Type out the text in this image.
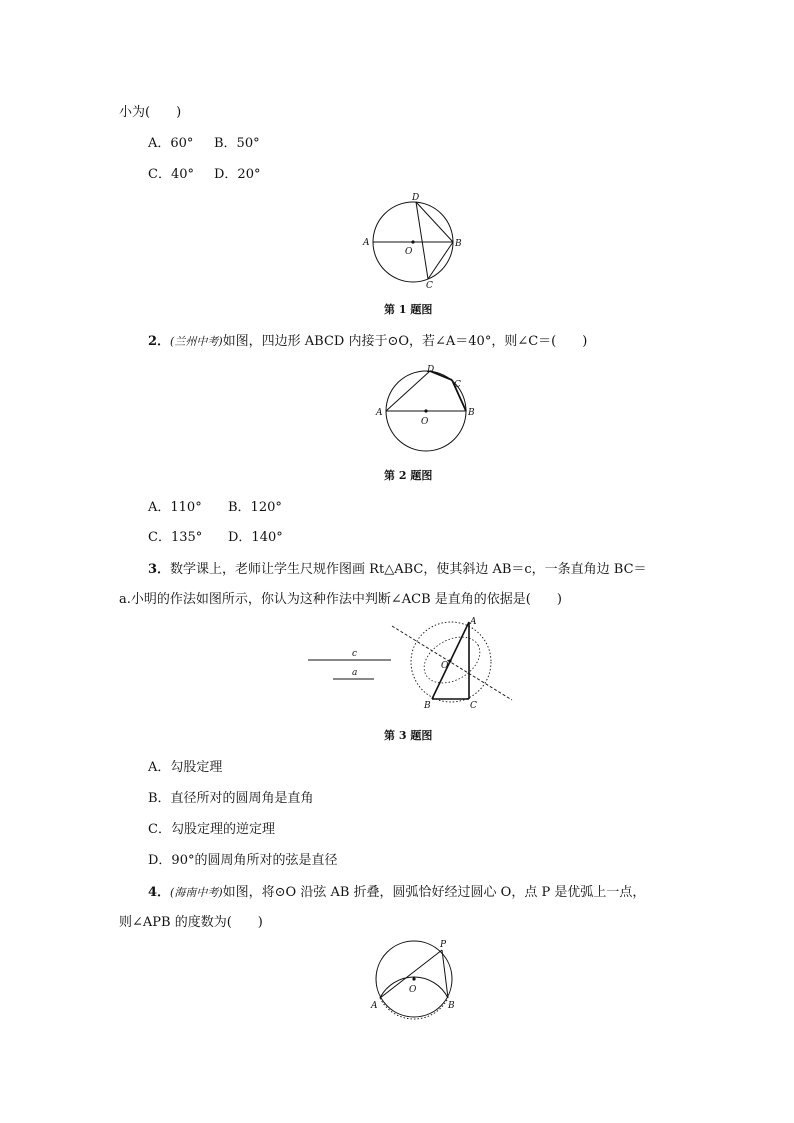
小为(　　)
A．60° B．50°
C．40° D．20°
A	B
C
D
O
第 1 题图
2．(兰州中考)如图，四边形 ABCD 内接于⊙O，若∠A＝40°，则∠C＝(　　)
A	B
C
D
O
第 2 题图
A．110° B．120°
C．135° D．140°
3．数学课上，老师让学生尺规作图画 Rt△ABC，使其斜边 AB＝c，一条直角边 BC＝
a.小明的作法如图所示，你认为这种作法中判断∠ACB 是直角的依据是(　　)
c
a
A
B	C
O
第 3 题图
A．勾股定理
B．直径所对的圆周角是直角
C．勾股定理的逆定理
D．90°的圆周角所对的弦是直径
4．(海南中考)如图，将⊙O 沿弦 AB 折叠，圆弧恰好经过圆心 O，点 P 是优弧上一点，
则∠APB 的度数为(　　)
A	B
P
O
